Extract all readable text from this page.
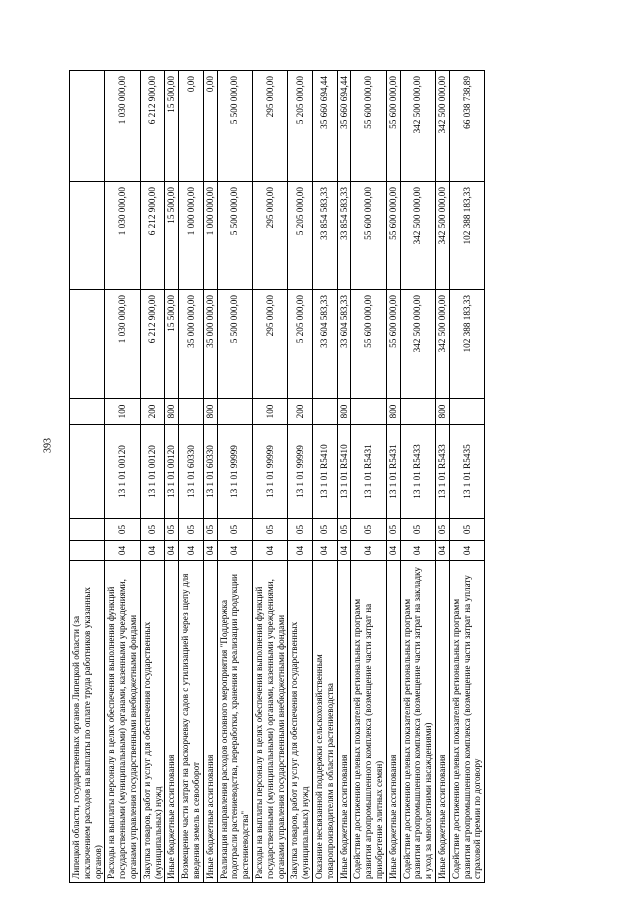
393
Липецкой области, государственных органов Липецкой области (за исключением расходов на выплаты по оплате труда работников указанных органов)							
Расходы на выплаты персоналу в целях обеспечения выполнения функций государственными (муниципальными) органами, казенными учреждениями, органами управления государственными внебюджетными фондами	04	05	13 1 01 00120	100	1 030 000,00	1 030 000,00	1 030 000,00
Закупка товаров, работ и услуг для обеспечения государственных (муниципальных) нужд	04	05	13 1 01 00120	200	6 212 900,00	6 212 900,00	6 212 900,00
Иные бюджетные ассигнования	04	05	13 1 01 00120	800	15 500,00	15 500,00	15 500,00
Возмещение части затрат на раскорчевку садов с утилизацией через щепу для введения земель в севооборот	04	05	13 1 01 60330		35 000 000,00	1 000 000,00	0,00
Иные бюджетные ассигнования	04	05	13 1 01 60330	800	35 000 000,00	1 000 000,00	0,00
Реализация направления расходов основного мероприятия "Поддержка подотрасли растениеводства, переработки, хранения и реализации продукции растениеводства"	04	05	13 1 01 99999		5 500 000,00	5 500 000,00	5 500 000,00
Расходы на выплаты персоналу в целях обеспечения выполнения функций государственными (муниципальными) органами, казенными учреждениями, органами управления государственными внебюджетными фондами	04	05	13 1 01 99999	100	295 000,00	295 000,00	295 000,00
Закупка товаров, работ и услуг для обеспечения государственных (муниципальных) нужд	04	05	13 1 01 99999	200	5 205 000,00	5 205 000,00	5 205 000,00
Оказание несвязанной поддержки сельскохозяйственным товаропроизводителям в области растениеводства	04	05	13 1 01 R5410		33 604 583,33	33 854 583,33	35 660 694,44
Иные бюджетные ассигнования	04	05	13 1 01 R5410	800	33 604 583,33	33 854 583,33	35 660 694,44
Содействие достижению целевых показателей региональных программ развития агропромышленного комплекса (возмещение части затрат на приобретение элитных семян)	04	05	13 1 01 R5431		55 600 000,00	55 600 000,00	55 600 000,00
Иные бюджетные ассигнования	04	05	13 1 01 R5431	800	55 600 000,00	55 600 000,00	55 600 000,00
Содействие достижению целевых показателей региональных программ развития агропромышленного комплекса (возмещение части затрат на закладку и уход за многолетними насаждениями)	04	05	13 1 01 R5433		342 500 000,00	342 500 000,00	342 500 000,00
Иные бюджетные ассигнования	04	05	13 1 01 R5433	800	342 500 000,00	342 500 000,00	342 500 000,00
Содействие достижению целевых показателей региональных программ развития агропромышленного комплекса (возмещение части затрат на уплату страховой премии по договору	04	05	13 1 01 R5435		102 388 183,33	102 388 183,33	66 038 738,89
